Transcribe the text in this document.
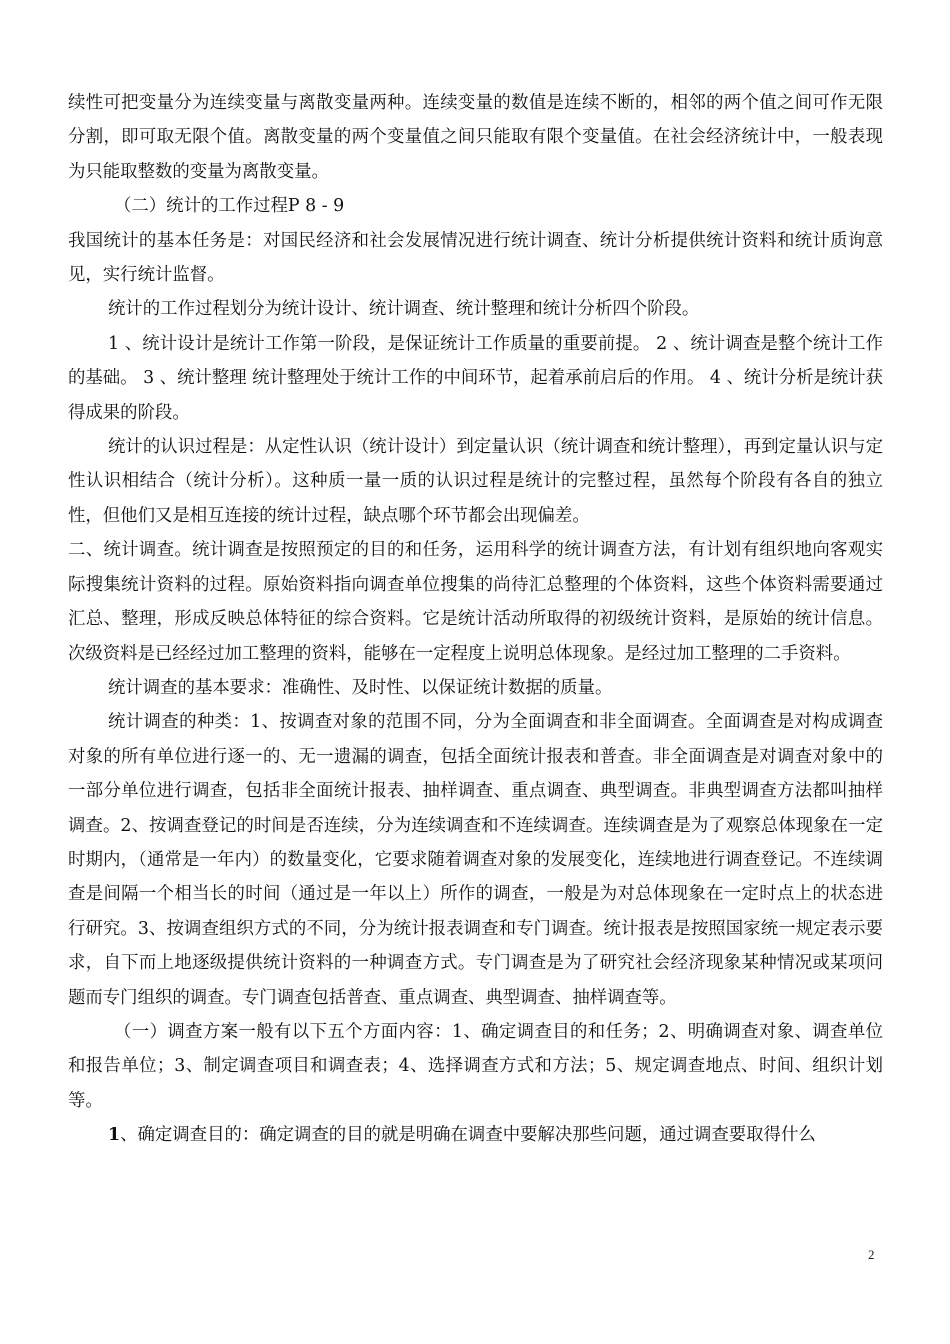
续性可把变量分为连续变量与离散变量两种。连续变量的数值是连续不断的，相邻的两个值之间可作无限分割，即可取无限个值。离散变量的两个变量值之间只能取有限个变量值。在社会经济统计中，一般表现为只能取整数的变量为离散变量。

（二）统计的工作过程P 8 - 9

我国统计的基本任务是：对国民经济和社会发展情况进行统计调查、统计分析提供统计资料和统计质询意见，实行统计监督。

统计的工作过程划分为统计设计、统计调查、统计整理和统计分析四个阶段。

1 、统计设计是统计工作第一阶段，是保证统计工作质量的重要前提。 2 、统计调查是整个统计工作的基础。 3 、统计整理 统计整理处于统计工作的中间环节，起着承前启后的作用。 4 、统计分析是统计获得成果的阶段。

统计的认识过程是：从定性认识（统计设计）到定量认识（统计调查和统计整理），再到定量认识与定性认识相结合（统计分析）。这种质一量一质的认识过程是统计的完整过程，虽然每个阶段有各自的独立性，但他们又是相互连接的统计过程，缺点哪个环节都会出现偏差。

二、统计调查。统计调查是按照预定的目的和任务，运用科学的统计调查方法，有计划有组织地向客观实际搜集统计资料的过程。原始资料指向调查单位搜集的尚待汇总整理的个体资料，这些个体资料需要通过汇总、整理，形成反映总体特征的综合资料。它是统计活动所取得的初级统计资料，是原始的统计信息。次级资料是已经经过加工整理的资料，能够在一定程度上说明总体现象。是经过加工整理的二手资料。

统计调查的基本要求：准确性、及时性、以保证统计数据的质量。

统计调查的种类：1、按调查对象的范围不同，分为全面调查和非全面调查。全面调查是对构成调查对象的所有单位进行逐一的、无一遗漏的调查，包括全面统计报表和普查。非全面调查是对调查对象中的一部分单位进行调查，包括非全面统计报表、抽样调查、重点调查、典型调查。非典型调查方法都叫抽样调查。2、按调查登记的时间是否连续，分为连续调查和不连续调查。连续调查是为了观察总体现象在一定时期内，（通常是一年内）的数量变化，它要求随着调查对象的发展变化，连续地进行调查登记。不连续调查是间隔一个相当长的时间（通过是一年以上）所作的调查，一般是为对总体现象在一定时点上的状态进行研究。3、按调查组织方式的不同，分为统计报表调查和专门调查。统计报表是按照国家统一规定表示要求，自下而上地逐级提供统计资料的一种调查方式。专门调查是为了研究社会经济现象某种情况或某项问题而专门组织的调查。专门调查包括普查、重点调查、典型调查、抽样调查等。

（一）调查方案一般有以下五个方面内容：1、确定调查目的和任务；2、明确调查对象、调查单位和报告单位；3、制定调查项目和调查表；4、选择调查方式和方法；5、规定调查地点、时间、组织计划等。

1、确定调查目的：确定调查的目的就是明确在调查中要解决那些问题，通过调查要取得什么

2
